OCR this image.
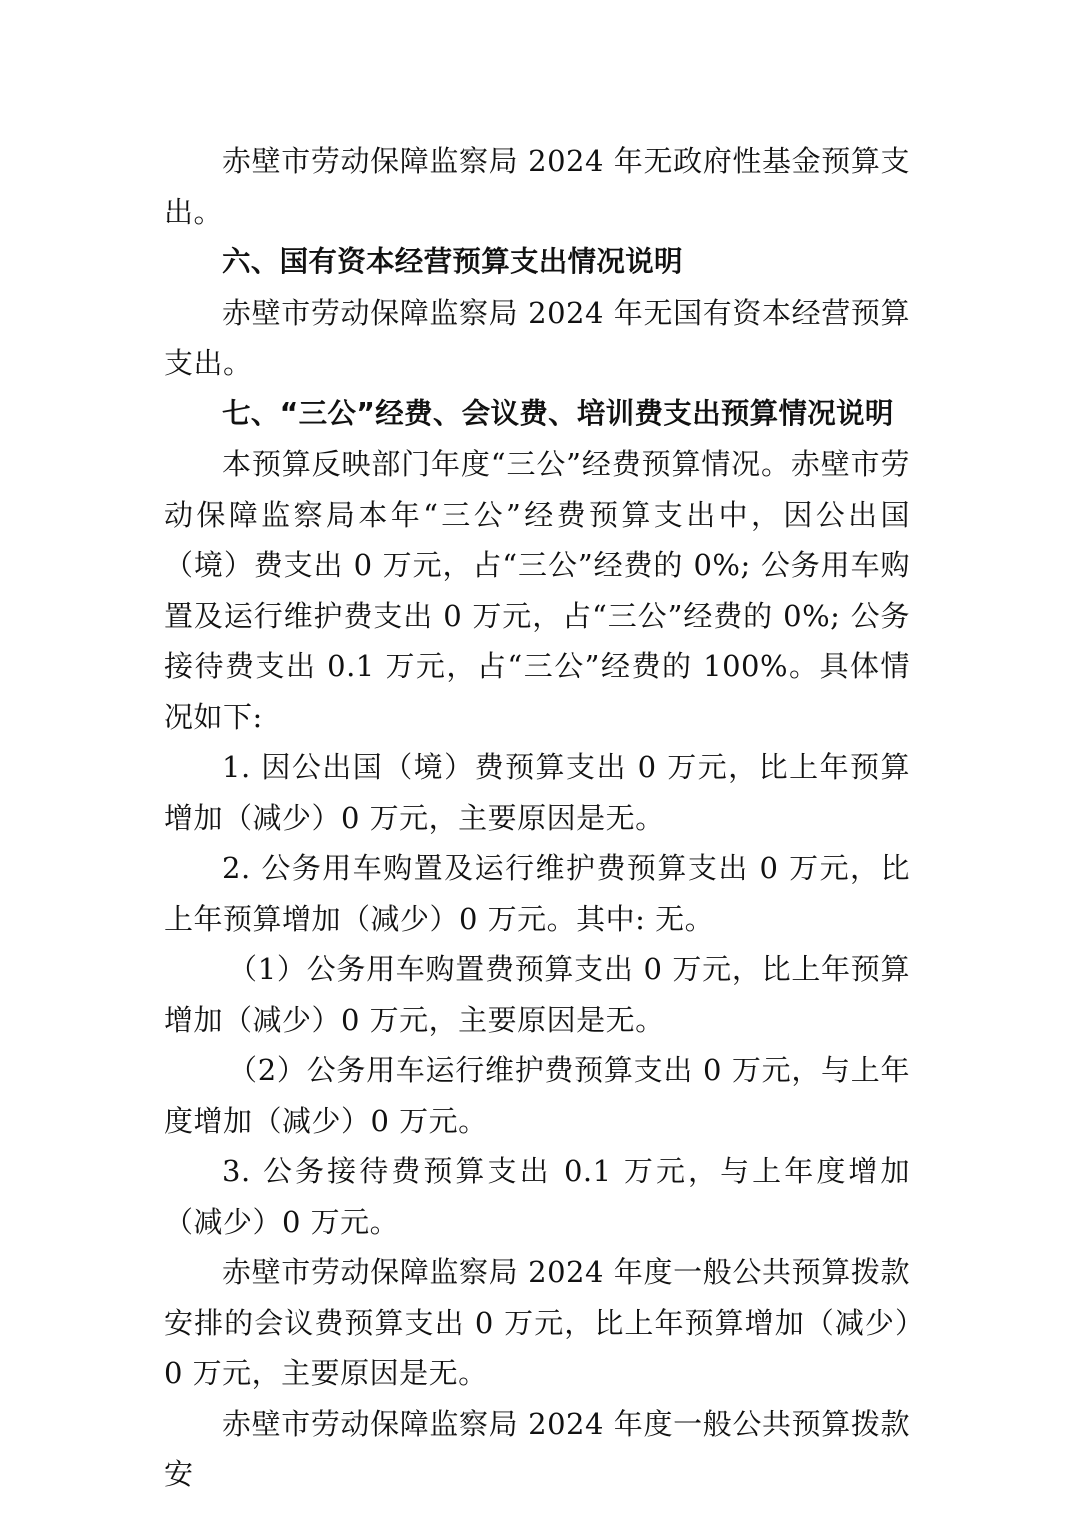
赤壁市劳动保障监察局 2024 年无政府性基金预算支出。

六、国有资本经营预算支出情况说明

赤壁市劳动保障监察局 2024 年无国有资本经营预算支出。

七、“三公”经费、会议费、培训费支出预算情况说明

本预算反映部门年度“三公”经费预算情况。赤壁市劳动保障监察局本年“三公”经费预算支出中，因公出国（境）费支出 0 万元，占“三公”经费的 0%; 公务用车购置及运行维护费支出 0 万元，占“三公”经费的 0%; 公务接待费支出 0.1 万元，占“三公”经费的 100%。具体情况如下:

1. 因公出国（境）费预算支出 0 万元，比上年预算增加（减少）0 万元，主要原因是无。

2. 公务用车购置及运行维护费预算支出 0 万元，比上年预算增加（减少）0 万元。其中: 无。

（1）公务用车购置费预算支出 0 万元，比上年预算增加（减少）0 万元，主要原因是无。

（2）公务用车运行维护费预算支出 0 万元，与上年度增加（减少）0 万元。

3. 公务接待费预算支出 0.1 万元，与上年度增加（减少）0 万元。

赤壁市劳动保障监察局 2024 年度一般公共预算拨款安排的会议费预算支出 0 万元，比上年预算增加（减少）0 万元，主要原因是无。

赤壁市劳动保障监察局 2024 年度一般公共预算拨款安
